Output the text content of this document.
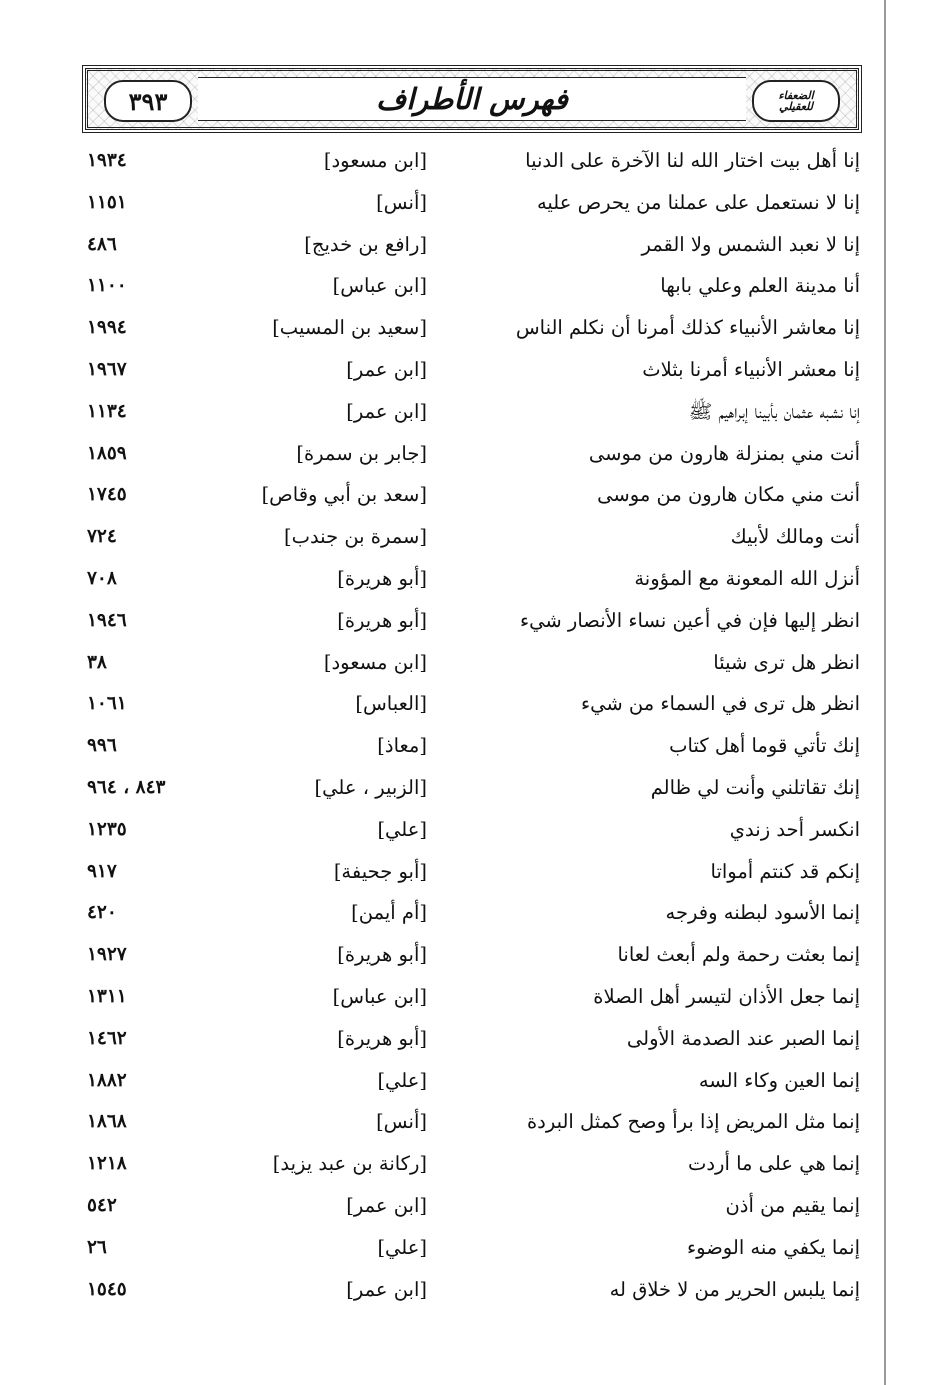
٣٩٣	فهرس الأطراف	الضعفاء
للعقيلي
إنا أهل بيت اختار الله لنا الآخرة على الدنيا
[ابن مسعود]
١٩٣٤
إنا لا نستعمل على عملنا من يحرص عليه
[أنس]
١١٥١
إنا لا نعبد الشمس ولا القمر
[رافع بن خديج]
٤٨٦
أنا مدينة العلم وعلي بابها
[ابن عباس]
١١٠٠
إنا معاشر الأنبياء كذلك أمرنا أن نكلم الناس
[سعيد بن المسيب]
١٩٩٤
إنا معشر الأنبياء أمرنا بثلاث
[ابن عمر]
١٩٦٧
إنا نشبه عثمان بأبينا إبراهيم ﷺ
[ابن عمر]
١١٣٤
أنت مني بمنزلة هارون من موسى
[جابر بن سمرة]
١٨٥٩
أنت مني مكان هارون من موسى
[سعد بن أبي وقاص]
١٧٤٥
أنت ومالك لأبيك
[سمرة بن جندب]
٧٢٤
أنزل الله المعونة مع المؤونة
[أبو هريرة]
٧٠٨
انظر إليها فإن في أعين نساء الأنصار شيء
[أبو هريرة]
١٩٤٦
انظر هل ترى شيئا
[ابن مسعود]
٣٨
انظر هل ترى في السماء من شيء
[العباس]
١٠٦١
إنك تأتي قوما أهل كتاب
[معاذ]
٩٩٦
إنك تقاتلني وأنت لي ظالم
[الزبير ، علي]
٨٤٣ ، ٩٦٤
انكسر أحد زندي
[علي]
١٢٣٥
إنكم قد كنتم أمواتا
[أبو جحيفة]
٩١٧
إنما الأسود لبطنه وفرجه
[أم أيمن]
٤٢٠
إنما بعثت رحمة ولم أبعث لعانا
[أبو هريرة]
١٩٢٧
إنما جعل الأذان لتيسر أهل الصلاة
[ابن عباس]
١٣١١
إنما الصبر عند الصدمة الأولى
[أبو هريرة]
١٤٦٢
إنما العين وكاء السه
[علي]
١٨٨٢
إنما مثل المريض إذا برأ وصح كمثل البردة
[أنس]
١٨٦٨
إنما هي على ما أردت
[ركانة بن عبد يزيد]
١٢١٨
إنما يقيم من أذن
[ابن عمر]
٥٤٢
إنما يكفي منه الوضوء
[علي]
٢٦
إنما يلبس الحرير من لا خلاق له
[ابن عمر]
١٥٤٥
